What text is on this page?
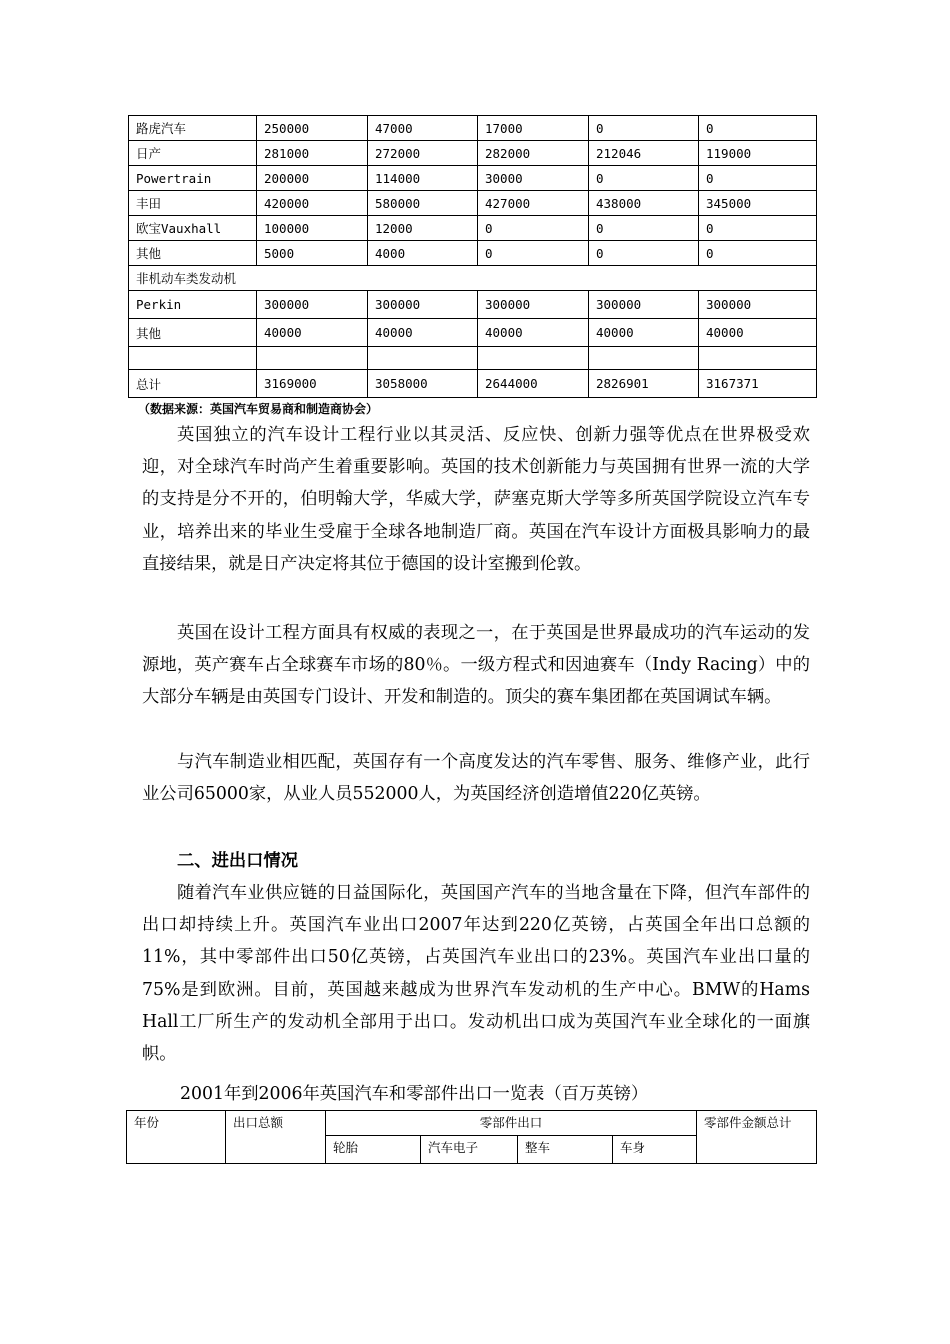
路虎汽车	250000	47000	17000	0	0
日产	281000	272000	282000	212046	119000
Powertrain	200000	114000	30000	0	0
丰田	420000	580000	427000	438000	345000
欧宝Vauxhall	100000	12000	0	0	0
其他	5000	4000	0	0	0
非机动车类发动机					
Perkin	300000	300000	300000	300000	300000
其他	40000	40000	40000	40000	40000

总计	3169000	3058000	2644000	2826901	3167371
（数据来源：英国汽车贸易商和制造商协会）

英国独立的汽车设计工程行业以其灵活、反应快、创新力强等优点在世界极受欢迎，对全球汽车时尚产生着重要影响。英国的技术创新能力与英国拥有世界一流的大学的支持是分不开的，伯明翰大学，华威大学，萨塞克斯大学等多所英国学院设立汽车专业，培养出来的毕业生受雇于全球各地制造厂商。英国在汽车设计方面极具影响力的最直接结果，就是日产决定将其位于德国的设计室搬到伦敦。

英国在设计工程方面具有权威的表现之一，在于英国是世界最成功的汽车运动的发源地，英产赛车占全球赛车市场的80％。一级方程式和因迪赛车（Indy Racing）中的大部分车辆是由英国专门设计、开发和制造的。顶尖的赛车集团都在英国调试车辆。

与汽车制造业相匹配，英国存有一个高度发达的汽车零售、服务、维修产业，此行业公司65000家，从业人员552000人，为英国经济创造增值220亿英镑。

二、进出口情况

随着汽车业供应链的日益国际化，英国国产汽车的当地含量在下降，但汽车部件的出口却持续上升。英国汽车业出口2007年达到220亿英镑，占英国全年出口总额的11%，其中零部件出口50亿英镑，占英国汽车业出口的23%。英国汽车业出口量的75%是到欧洲。目前，英国越来越成为世界汽车发动机的生产中心。BMW的Hams Hall工厂所生产的发动机全部用于出口。发动机出口成为英国汽车业全球化的一面旗帜。

2001年到2006年英国汽车和零部件出口一览表（百万英镑）
年份	出口总额	零部件出口				零部件金额总计
		轮胎	汽车电子	整车	车身	
